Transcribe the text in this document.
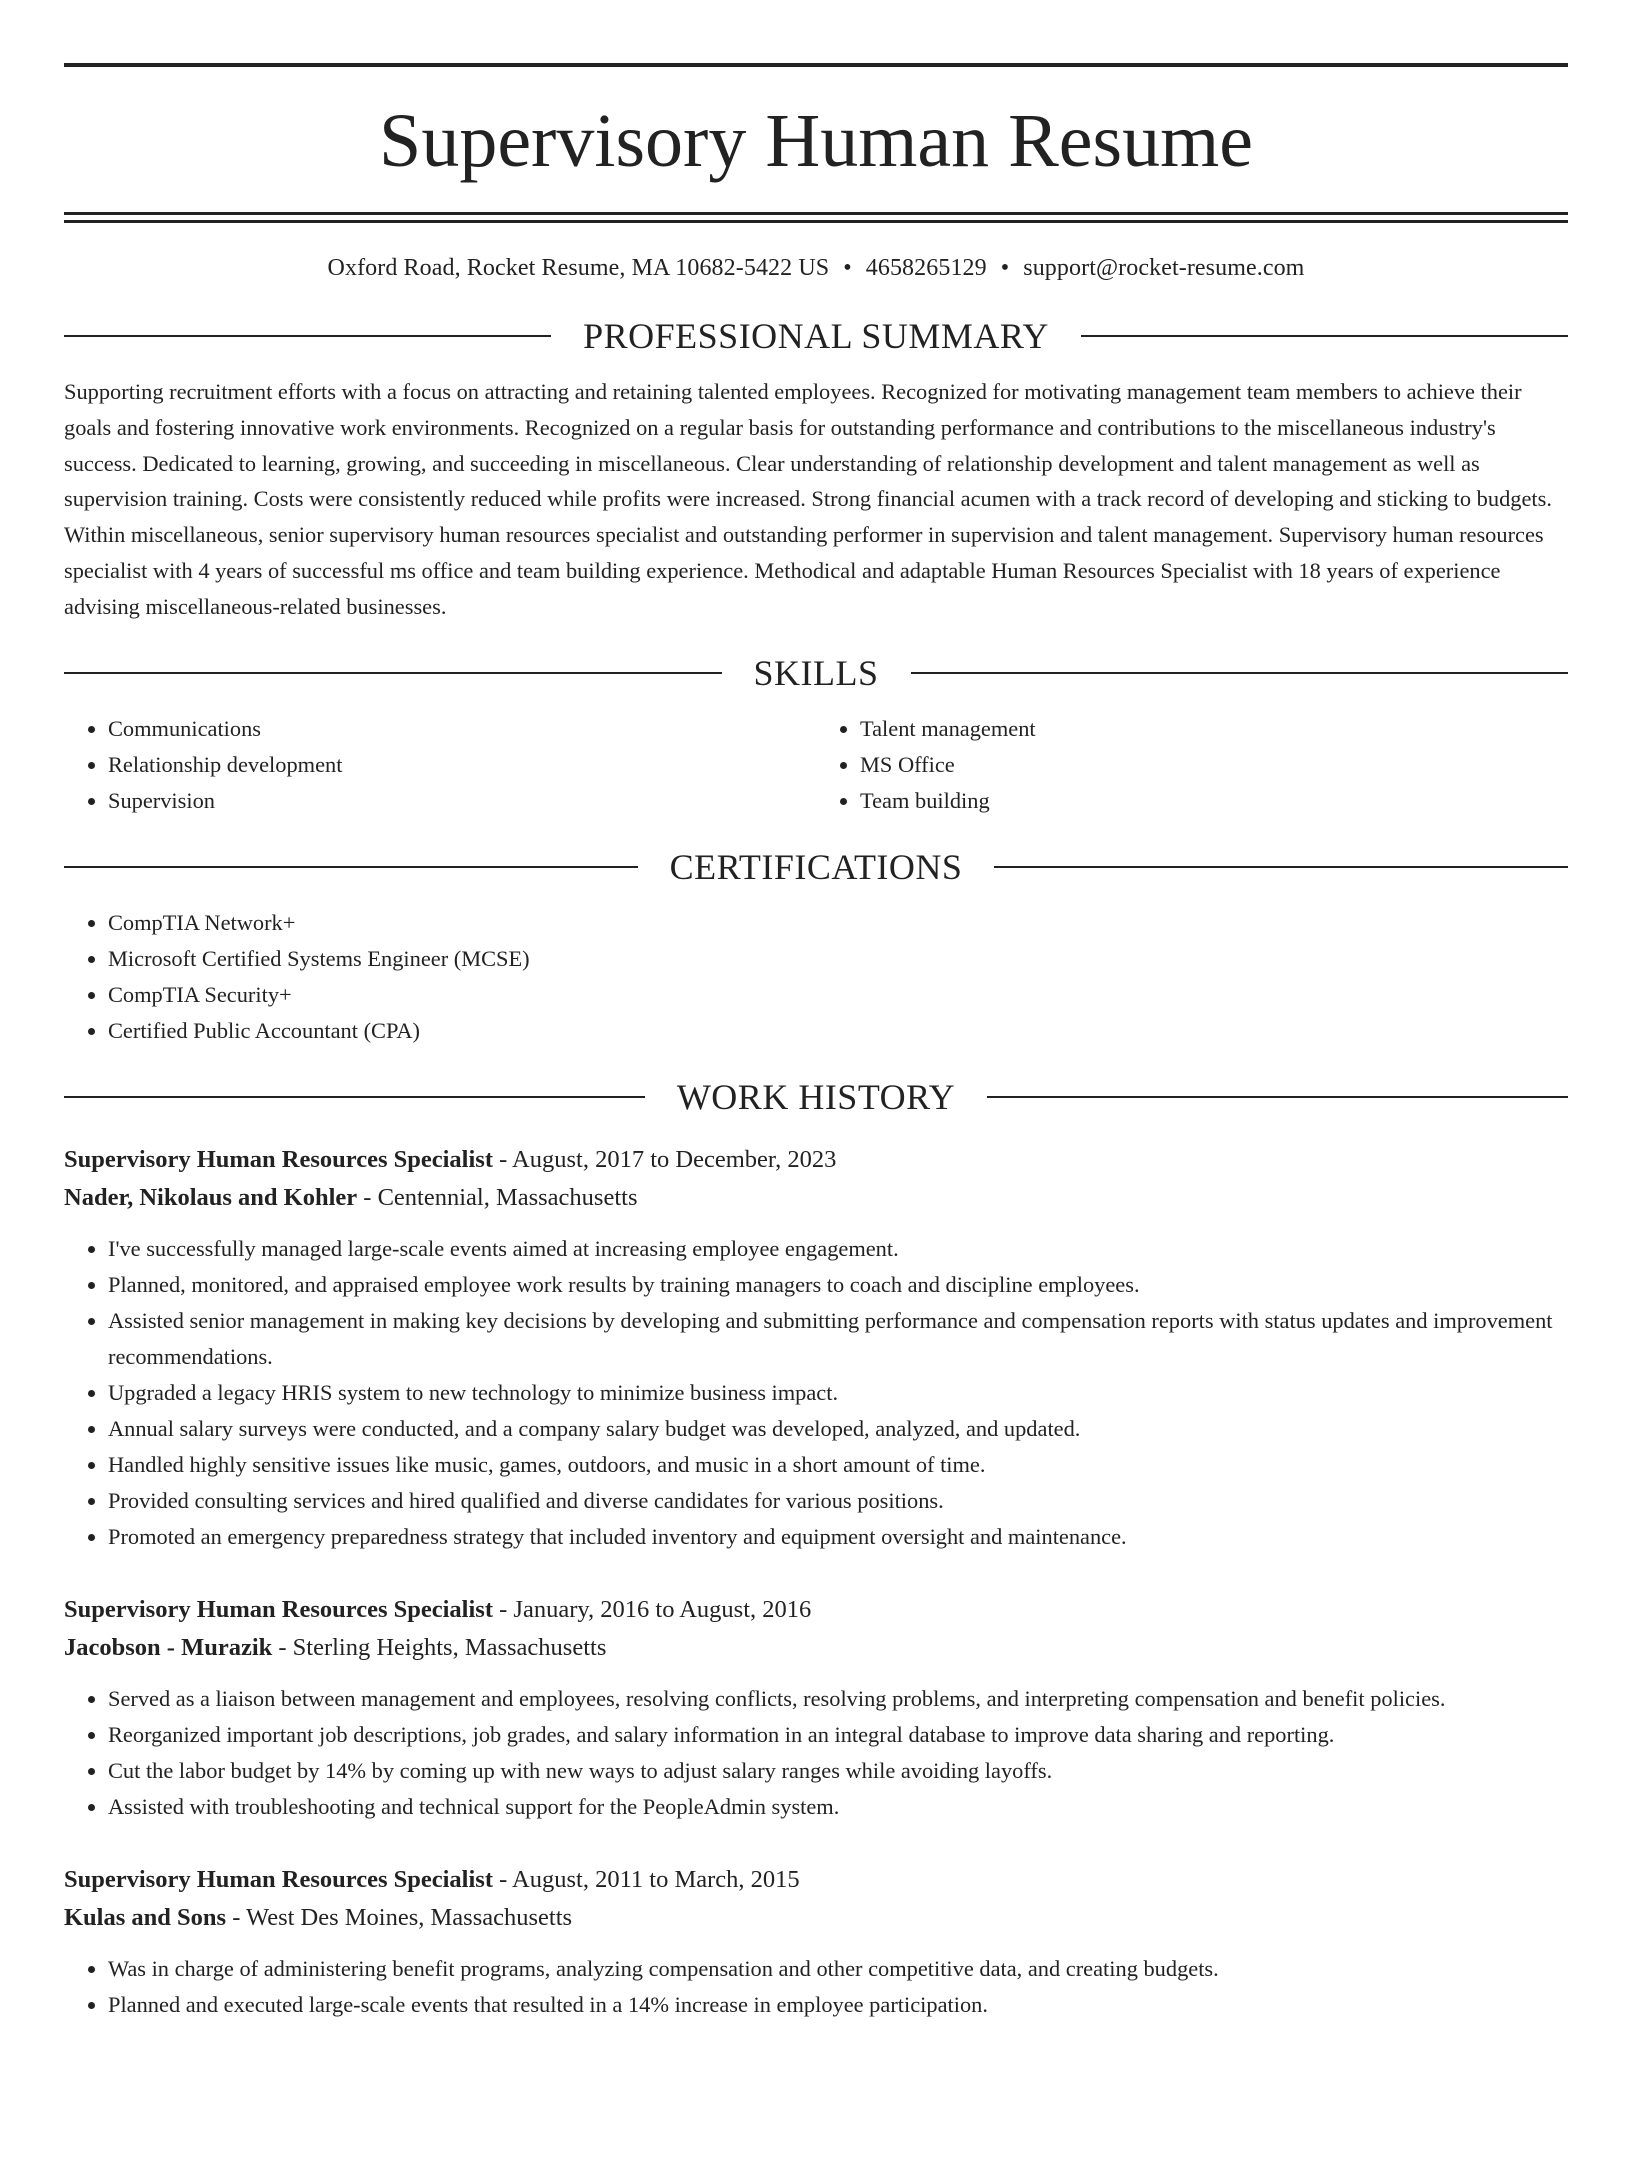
Supervisory Human Resume
Oxford Road, Rocket Resume, MA 10682-5422 US • 4658265129 • support@rocket-resume.com
PROFESSIONAL SUMMARY

Supporting recruitment efforts with a focus on attracting and retaining talented employees. Recognized for motivating management team members to achieve their goals and fostering innovative work environments. Recognized on a regular basis for outstanding performance and contributions to the miscellaneous industry's success. Dedicated to learning, growing, and succeeding in miscellaneous. Clear understanding of relationship development and talent management as well as supervision training. Costs were consistently reduced while profits were increased. Strong financial acumen with a track record of developing and sticking to budgets. Within miscellaneous, senior supervisory human resources specialist and outstanding performer in supervision and talent management. Supervisory human resources specialist with 4 years of successful ms office and team building experience. Methodical and adaptable Human Resources Specialist with 18 years of experience advising miscellaneous-related businesses.

SKILLS
• Communications
• Relationship development
• Supervision
• Talent management
• MS Office
• Team building
CERTIFICATIONS
• CompTIA Network+
• Microsoft Certified Systems Engineer (MCSE)
• CompTIA Security+
• Certified Public Accountant (CPA)
WORK HISTORY
Supervisory Human Resources Specialist - August, 2017 to December, 2023
Nader, Nikolaus and Kohler - Centennial, Massachusetts
• I've successfully managed large-scale events aimed at increasing employee engagement.
• Planned, monitored, and appraised employee work results by training managers to coach and discipline employees.
• Assisted senior management in making key decisions by developing and submitting performance and compensation reports with status updates and improvement recommendations.
• Upgraded a legacy HRIS system to new technology to minimize business impact.
• Annual salary surveys were conducted, and a company salary budget was developed, analyzed, and updated.
• Handled highly sensitive issues like music, games, outdoors, and music in a short amount of time.
• Provided consulting services and hired qualified and diverse candidates for various positions.
• Promoted an emergency preparedness strategy that included inventory and equipment oversight and maintenance.
Supervisory Human Resources Specialist - January, 2016 to August, 2016
Jacobson - Murazik - Sterling Heights, Massachusetts
• Served as a liaison between management and employees, resolving conflicts, resolving problems, and interpreting compensation and benefit policies.
• Reorganized important job descriptions, job grades, and salary information in an integral database to improve data sharing and reporting.
• Cut the labor budget by 14% by coming up with new ways to adjust salary ranges while avoiding layoffs.
• Assisted with troubleshooting and technical support for the PeopleAdmin system.
Supervisory Human Resources Specialist - August, 2011 to March, 2015
Kulas and Sons - West Des Moines, Massachusetts
• Was in charge of administering benefit programs, analyzing compensation and other competitive data, and creating budgets.
• Planned and executed large-scale events that resulted in a 14% increase in employee participation.
